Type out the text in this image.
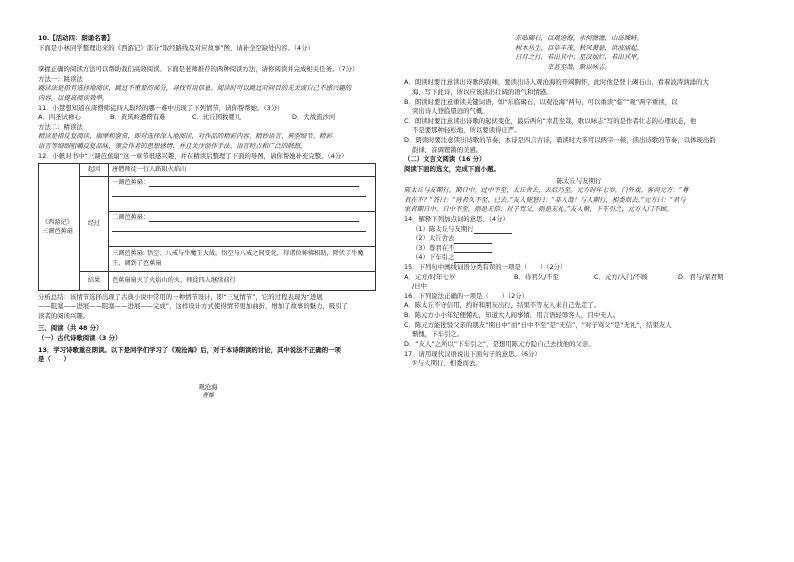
10.【活动四：朗诵名著】
下面是小林同学整理出来的《西游记》部分“取经路线及对应故事”图，请补全空缺处内容。（4分）
掌握正确的阅读方法可以帮助我们高效阅读。下面是老师推荐的两种阅读方法，请你阅读并完成相关任务。（7分）
方法一：跳读法
跳读法是指有选择地阅读，跳过不重要的部分，寻找有用信息。阅读时可以跳过对同目的无关或自己不感兴趣的
内容，以提高阅读效率。
11．小慧想知道在唐僧师徒四人取经的哪一难中出现了下列情节，请你帮帮她。（3分）
A．四圣试禅心	B．黄风岭遭僧有难	C．比丘国救婴儿	D．大战流沙河
方法二：精读法
精读是指反复阅读、揣摩和鉴赏，即对选择深入地阅读，对作品的精彩内容、精妙语言、典型细节、精彩
语言等细细咀嚼反复品味，领会作者的思想感情，并且关注创作手法、语言特点和广泛的联想。
12．小帆对书中“三调芭蕉扇”这一章节很感兴趣，并在精读后整理了下面的导图，请你帮她补充完整。（4分）
《西游记》三调芭蕉扇	起因	唐僧师徒一行人路阻火焰山
	经过	一调芭蕉扇：

		二调芭蕉扇：

		三调芭蕉扇: 悟空、八戒与牛魔王大战，悟空与八戒之间变化，得诸位神佛相助，降伏了牛魔王，调到了芭蕉扇
	结果	芭蕉扇扇灭了火焰山的火，师徒四人继续前行
分析总结：该情节选择出现了古典小说中常用的一种情节设计，即“三复情节”，它的过程表现为“进展
——阻塞——进展——阻塞——进展——完成”，这样设计方式使得情节更加曲折，增加了故事的魅力，吸引了
读者的阅读兴趣。
三、阅读（共 48 分）
（一）古代诗歌阅读（3 分）
13．学习诗歌重在朗读。以下是同学们学习了《观沧海》后，对于本诗朗读的讨论，其中说法不正确的一项
是（　　）
观沧海
曹操
东临碣石，以观沧海。水何澹澹，山岛竦峙。
树木丛生，百草丰茂。秋风萧瑟，洪波涌起。
日月之行，若出其中；星汉灿烂，若出其里。
幸甚至哉，歌以咏志。
A．朗读时要注意读出诗歌的韵味，要读出诗人观沧海的开阔胸怀，此时他是登上碣石山，看着波涛汹涌的大
海，写下此诗，所以应该读出壮阔的语气和情感。
B．朗读时要注意重读关键词语，如“东临碣石，以观沧海”两句，可以重读“临”“观”两字重读，以
突出诗人登临望远的气概。
C．朗读时要注意读出诗歌的起伏变化，最后两句“幸甚至哉，歌以咏志”写的是作者壮志的心理状态，他
不是要那种轻松地，所以要读得庄严。
D．朗读时要注意读出诗歌的节奏，本诗是四言古诗，诵读时大多可以两字一顿，读出诗歌的节奏，以体现出韵
韵律，音调铿锵的美感。
（二）文言文阅读（16 分）
阅读下面的选文，完成下面小题。
陈太丘与友期行
陈太丘与友期行，期日中。过中不至，太丘舍去，去后乃至。元方时年七岁，门外戏。客问元方：“尊
君在不？”答曰：“待君久不至，已去。”友人便怒曰：“非人哉！与人期行，相委而去。”元方曰：“君与
家君期日中。日中不至，则是无信；对子骂父，则是无礼。”友人惭，下车引之，元方入门不顾。
14．解释下列加点词的意思。（4分）
（1）陈太丘与友期行
（2）太丘舍去
（3）尊君在不
（4）下车引之
15．下列句中画线词语分类有误的一项是（　　）（2分）
A．元方/时年七岁	B．待君久/不至	C．元方/入门/不顾	D．君与/家君期
/日中
16．下列说法正确的一项是（　　）（2分）
A．陈太丘不守信用，约好和朋友出行，结果不等友人来自己先走了。
B．陈元方小小年纪便懂礼，知道大人间事情，用言语轻辱客人，目中无人。
C．陈元方能批驳父亲的朋友“期日中”而“日中不至”是“无信”，“对子骂父”是“无礼”，结果友人
惭愧，下车引之。
D．“友人”之所以“下车引之”，是想用陈元方隐自己去找他的父亲。
17．请用现代汉语说出下面句子的意思。（6分）
①与人期行，相委而去。
